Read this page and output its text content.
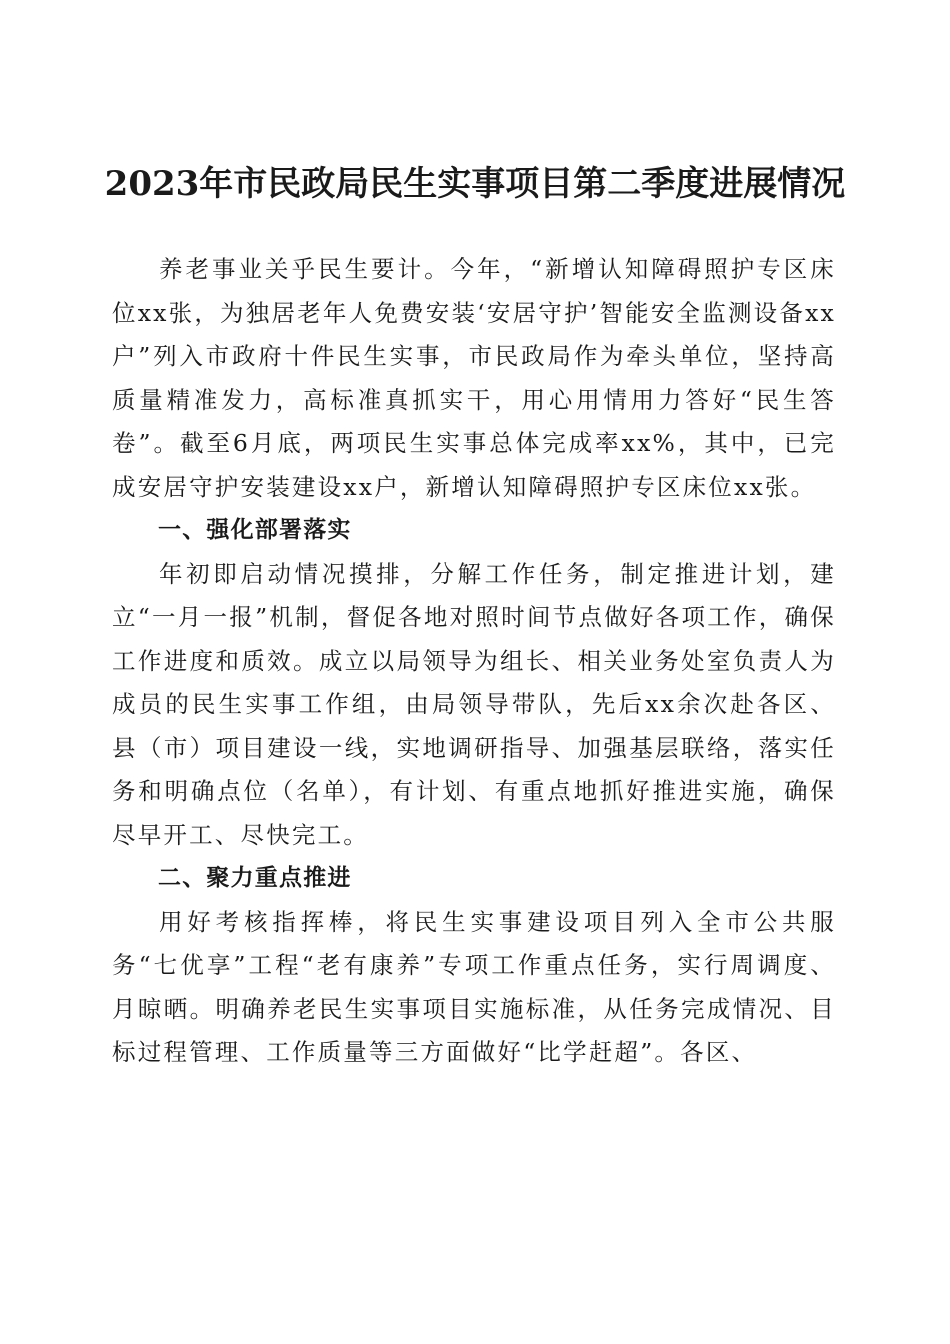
2023年市民政局民生实事项目第二季度进展情况

养老事业关乎民生要计。今年，“新增认知障碍照护专区床位xx张，为独居老年人免费安装‘安居守护’智能安全监测设备xx户”列入市政府十件民生实事，市民政局作为牵头单位，坚持高质量精准发力，高标准真抓实干，用心用情用力答好“民生答卷”。截至6月底，两项民生实事总体完成率xx%，其中，已完成安居守护安装建设xx户，新增认知障碍照护专区床位xx张。

一、强化部署落实

年初即启动情况摸排，分解工作任务，制定推进计划，建立“一月一报”机制，督促各地对照时间节点做好各项工作，确保工作进度和质效。成立以局领导为组长、相关业务处室负责人为成员的民生实事工作组，由局领导带队，先后xx余次赴各区、县（市）项目建设一线，实地调研指导、加强基层联络，落实任务和明确点位（名单），有计划、有重点地抓好推进实施，确保尽早开工、尽快完工。

二、聚力重点推进

用好考核指挥棒，将民生实事建设项目列入全市公共服务“七优享”工程“老有康养”专项工作重点任务，实行周调度、月晾晒。明确养老民生实事项目实施标准，从任务完成情况、目标过程管理、工作质量等三方面做好“比学赶超”。各区、
